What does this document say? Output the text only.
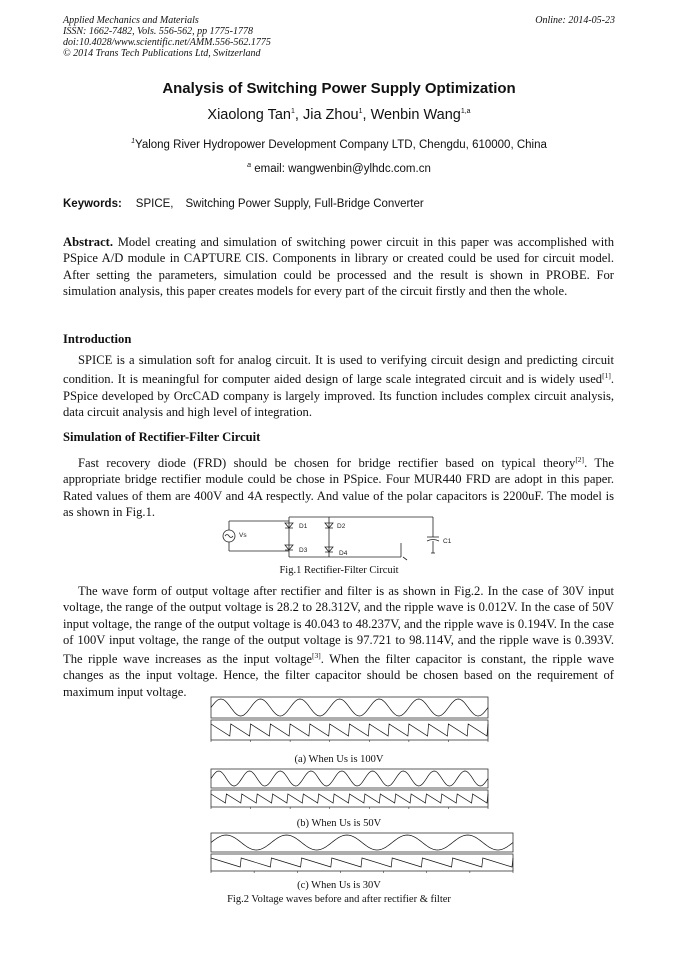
Applied Mechanics and Materials
ISSN: 1662-7482, Vols. 556-562, pp 1775-1778
doi:10.4028/www.scientific.net/AMM.556-562.1775
© 2014 Trans Tech Publications Ltd, Switzerland
Online: 2014-05-23
Analysis of Switching Power Supply Optimization
Xiaolong Tan$^1$, Jia Zhou$^1$, Wenbin Wang$^{1,a}$
$^1$Yalong River Hydropower Development Company LTD, Chengdu, 610000, China
$^a$ email: wangwenbin@ylhdc.com.cn
Keywords: SPICE, Switching Power Supply, Full-Bridge Converter

Abstract. Model creating and simulation of switching power circuit in this paper was accomplished with PSpice A/D module in CAPTURE CIS. Components in library or created could be used for circuit model. After setting the parameters, simulation could be processed and the result is shown in PROBE. For simulation analysis, this paper creates models for every part of the circuit firstly and then the whole.

Introduction

SPICE is a simulation soft for analog circuit. It is used to verifying circuit design and predicting circuit condition. It is meaningful for computer aided design of large scale integrated circuit and is widely used[1]. PSpice developed by OrcCAD company is largely improved. Its function includes complex circuit analysis, data circuit analysis and high level of integration.

Simulation of Rectifier-Filter Circuit

Fast recovery diode (FRD) should be chosen for bridge rectifier based on typical theory[2]. The appropriate bridge rectifier module could be chose in PSpice. Four MUR440 FRD are adopt in this paper. Rated values of them are 400V and 4A respectly. And value of the polar capacitors is 2200uF. The model is as shown in Fig.1.

Vs
D1
D3
D2
D4
C1
Fig.1 Rectifier-Filter Circuit

The wave form of output voltage after rectifier and filter is as shown in Fig.2. In the case of 30V input voltage, the range of the output voltage is 28.2 to 28.312V, and the ripple wave is 0.012V. In the case of 50V input voltage, the range of the output voltage is 40.043 to 48.237V, and the ripple wave is 0.194V. In the case of 100V input voltage, the range of the output voltage is 97.721 to 98.114V, and the ripple wave is 0.393V. The ripple wave increases as the input voltage[3]. When the filter capacitor is constant, the ripple wave changes as the input voltage. Hence, the filter capacitor should be chosen based on the requirement of maximum input voltage.

(a) When Us is 100V
(b) When Us is 50V
(c) When Us is 30V
Fig.2 Voltage waves before and after rectifier & filter
